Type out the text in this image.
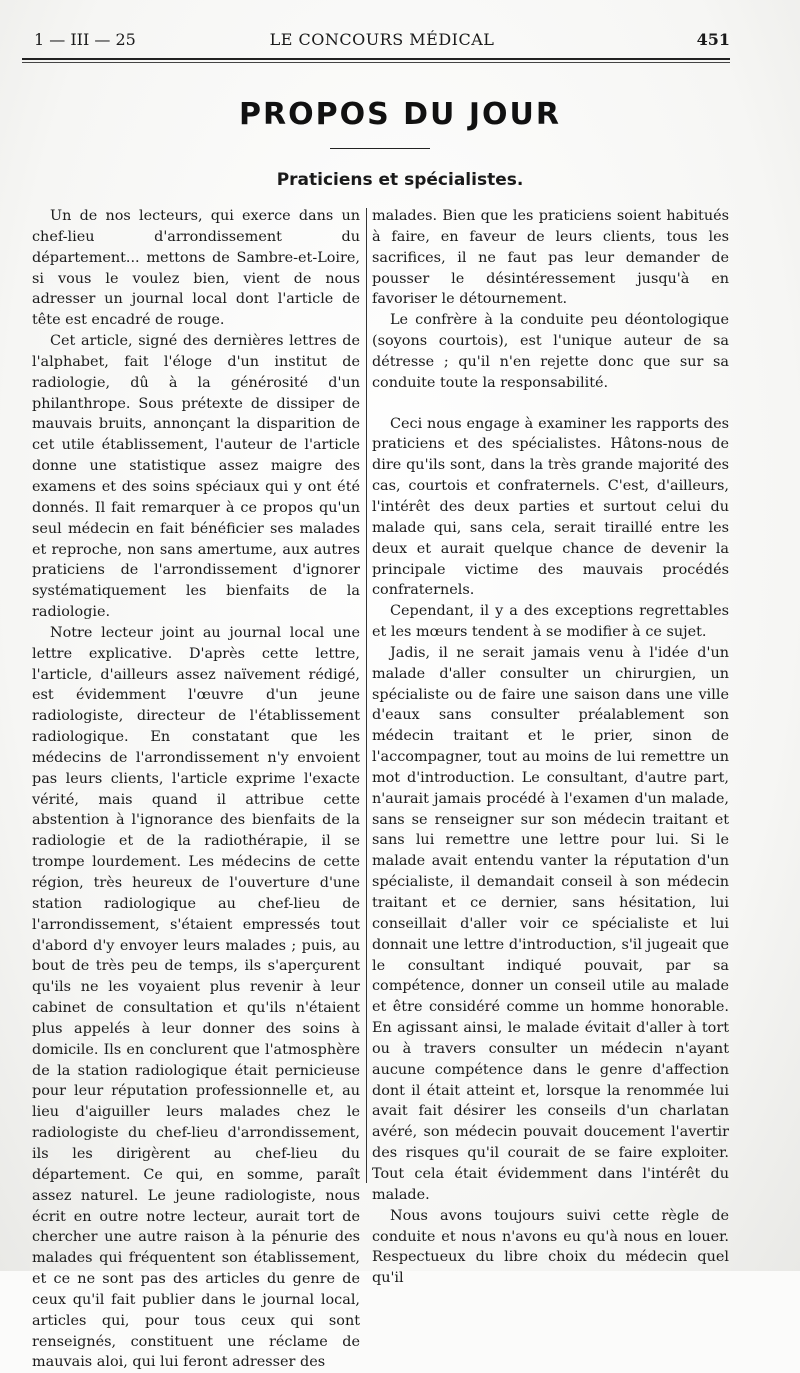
1 — III — 25	LE CONCOURS MÉDICAL	451
PROPOS DU JOUR
Praticiens et spécialistes.

Un de nos lecteurs, qui exerce dans un chef-lieu d'arrondissement du département... mettons de Sambre-et-Loire, si vous le voulez bien, vient de nous adresser un journal local dont l'article de tête est encadré de rouge.

Cet article, signé des dernières lettres de l'alphabet, fait l'éloge d'un institut de radiologie, dû à la générosité d'un philanthrope. Sous prétexte de dissiper de mauvais bruits, annonçant la disparition de cet utile établissement, l'auteur de l'article donne une statistique assez maigre des examens et des soins spéciaux qui y ont été donnés. Il fait remarquer à ce propos qu'un seul médecin en fait bénéficier ses malades et reproche, non sans amertume, aux autres praticiens de l'arrondissement d'ignorer systématiquement les bienfaits de la radiologie.

Notre lecteur joint au journal local une lettre explicative. D'après cette lettre, l'article, d'ailleurs assez naïvement rédigé, est évidemment l'œuvre d'un jeune radiologiste, directeur de l'établissement radiologique. En constatant que les médecins de l'arrondissement n'y envoient pas leurs clients, l'article exprime l'exacte vérité, mais quand il attribue cette abstention à l'ignorance des bienfaits de la radiologie et de la radiothérapie, il se trompe lourdement. Les médecins de cette région, très heureux de l'ouverture d'une station radiologique au chef-lieu de l'arrondissement, s'étaient empressés tout d'abord d'y envoyer leurs malades ; puis, au bout de très peu de temps, ils s'aperçurent qu'ils ne les voyaient plus revenir à leur cabinet de consultation et qu'ils n'étaient plus appelés à leur donner des soins à domicile. Ils en conclurent que l'atmosphère de la station radiologique était pernicieuse pour leur réputation professionnelle et, au lieu d'aiguiller leurs malades chez le radiologiste du chef-lieu d'arrondissement, ils les dirigèrent au chef-lieu du département. Ce qui, en somme, paraît assez naturel. Le jeune radiologiste, nous écrit en outre notre lecteur, aurait tort de chercher une autre raison à la pénurie des malades qui fréquentent son établissement, et ce ne sont pas des articles du genre de ceux qu'il fait publier dans le journal local, articles qui, pour tous ceux qui sont renseignés, constituent une réclame de mauvais aloi, qui lui feront adresser des

malades. Bien que les praticiens soient habitués à faire, en faveur de leurs clients, tous les sacrifices, il ne faut pas leur demander de pousser le désintéressement jusqu'à en favoriser le détournement.

Le confrère à la conduite peu déontologique (soyons courtois), est l'unique auteur de sa détresse ; qu'il n'en rejette donc que sur sa conduite toute la responsabilité.

Ceci nous engage à examiner les rapports des praticiens et des spécialistes. Hâtons-nous de dire qu'ils sont, dans la très grande majorité des cas, courtois et confraternels. C'est, d'ailleurs, l'intérêt des deux parties et surtout celui du malade qui, sans cela, serait tiraillé entre les deux et aurait quelque chance de devenir la principale victime des mauvais procédés confraternels.

Cependant, il y a des exceptions regrettables et les mœurs tendent à se modifier à ce sujet.

Jadis, il ne serait jamais venu à l'idée d'un malade d'aller consulter un chirurgien, un spécialiste ou de faire une saison dans une ville d'eaux sans consulter préalablement son médecin traitant et le prier, sinon de l'accompagner, tout au moins de lui remettre un mot d'introduction. Le consultant, d'autre part, n'aurait jamais procédé à l'examen d'un malade, sans se renseigner sur son médecin traitant et sans lui remettre une lettre pour lui. Si le malade avait entendu vanter la réputation d'un spécialiste, il demandait conseil à son médecin traitant et ce dernier, sans hésitation, lui conseillait d'aller voir ce spécialiste et lui donnait une lettre d'introduction, s'il jugeait que le consultant indiqué pouvait, par sa compétence, donner un conseil utile au malade et être considéré comme un homme honorable. En agissant ainsi, le malade évitait d'aller à tort ou à travers consulter un médecin n'ayant aucune compétence dans le genre d'affection dont il était atteint et, lorsque la renommée lui avait fait désirer les conseils d'un charlatan avéré, son médecin pouvait doucement l'avertir des risques qu'il courait de se faire exploiter. Tout cela était évidemment dans l'intérêt du malade.

Nous avons toujours suivi cette règle de conduite et nous n'avons eu qu'à nous en louer. Respectueux du libre choix du médecin quel qu'il
